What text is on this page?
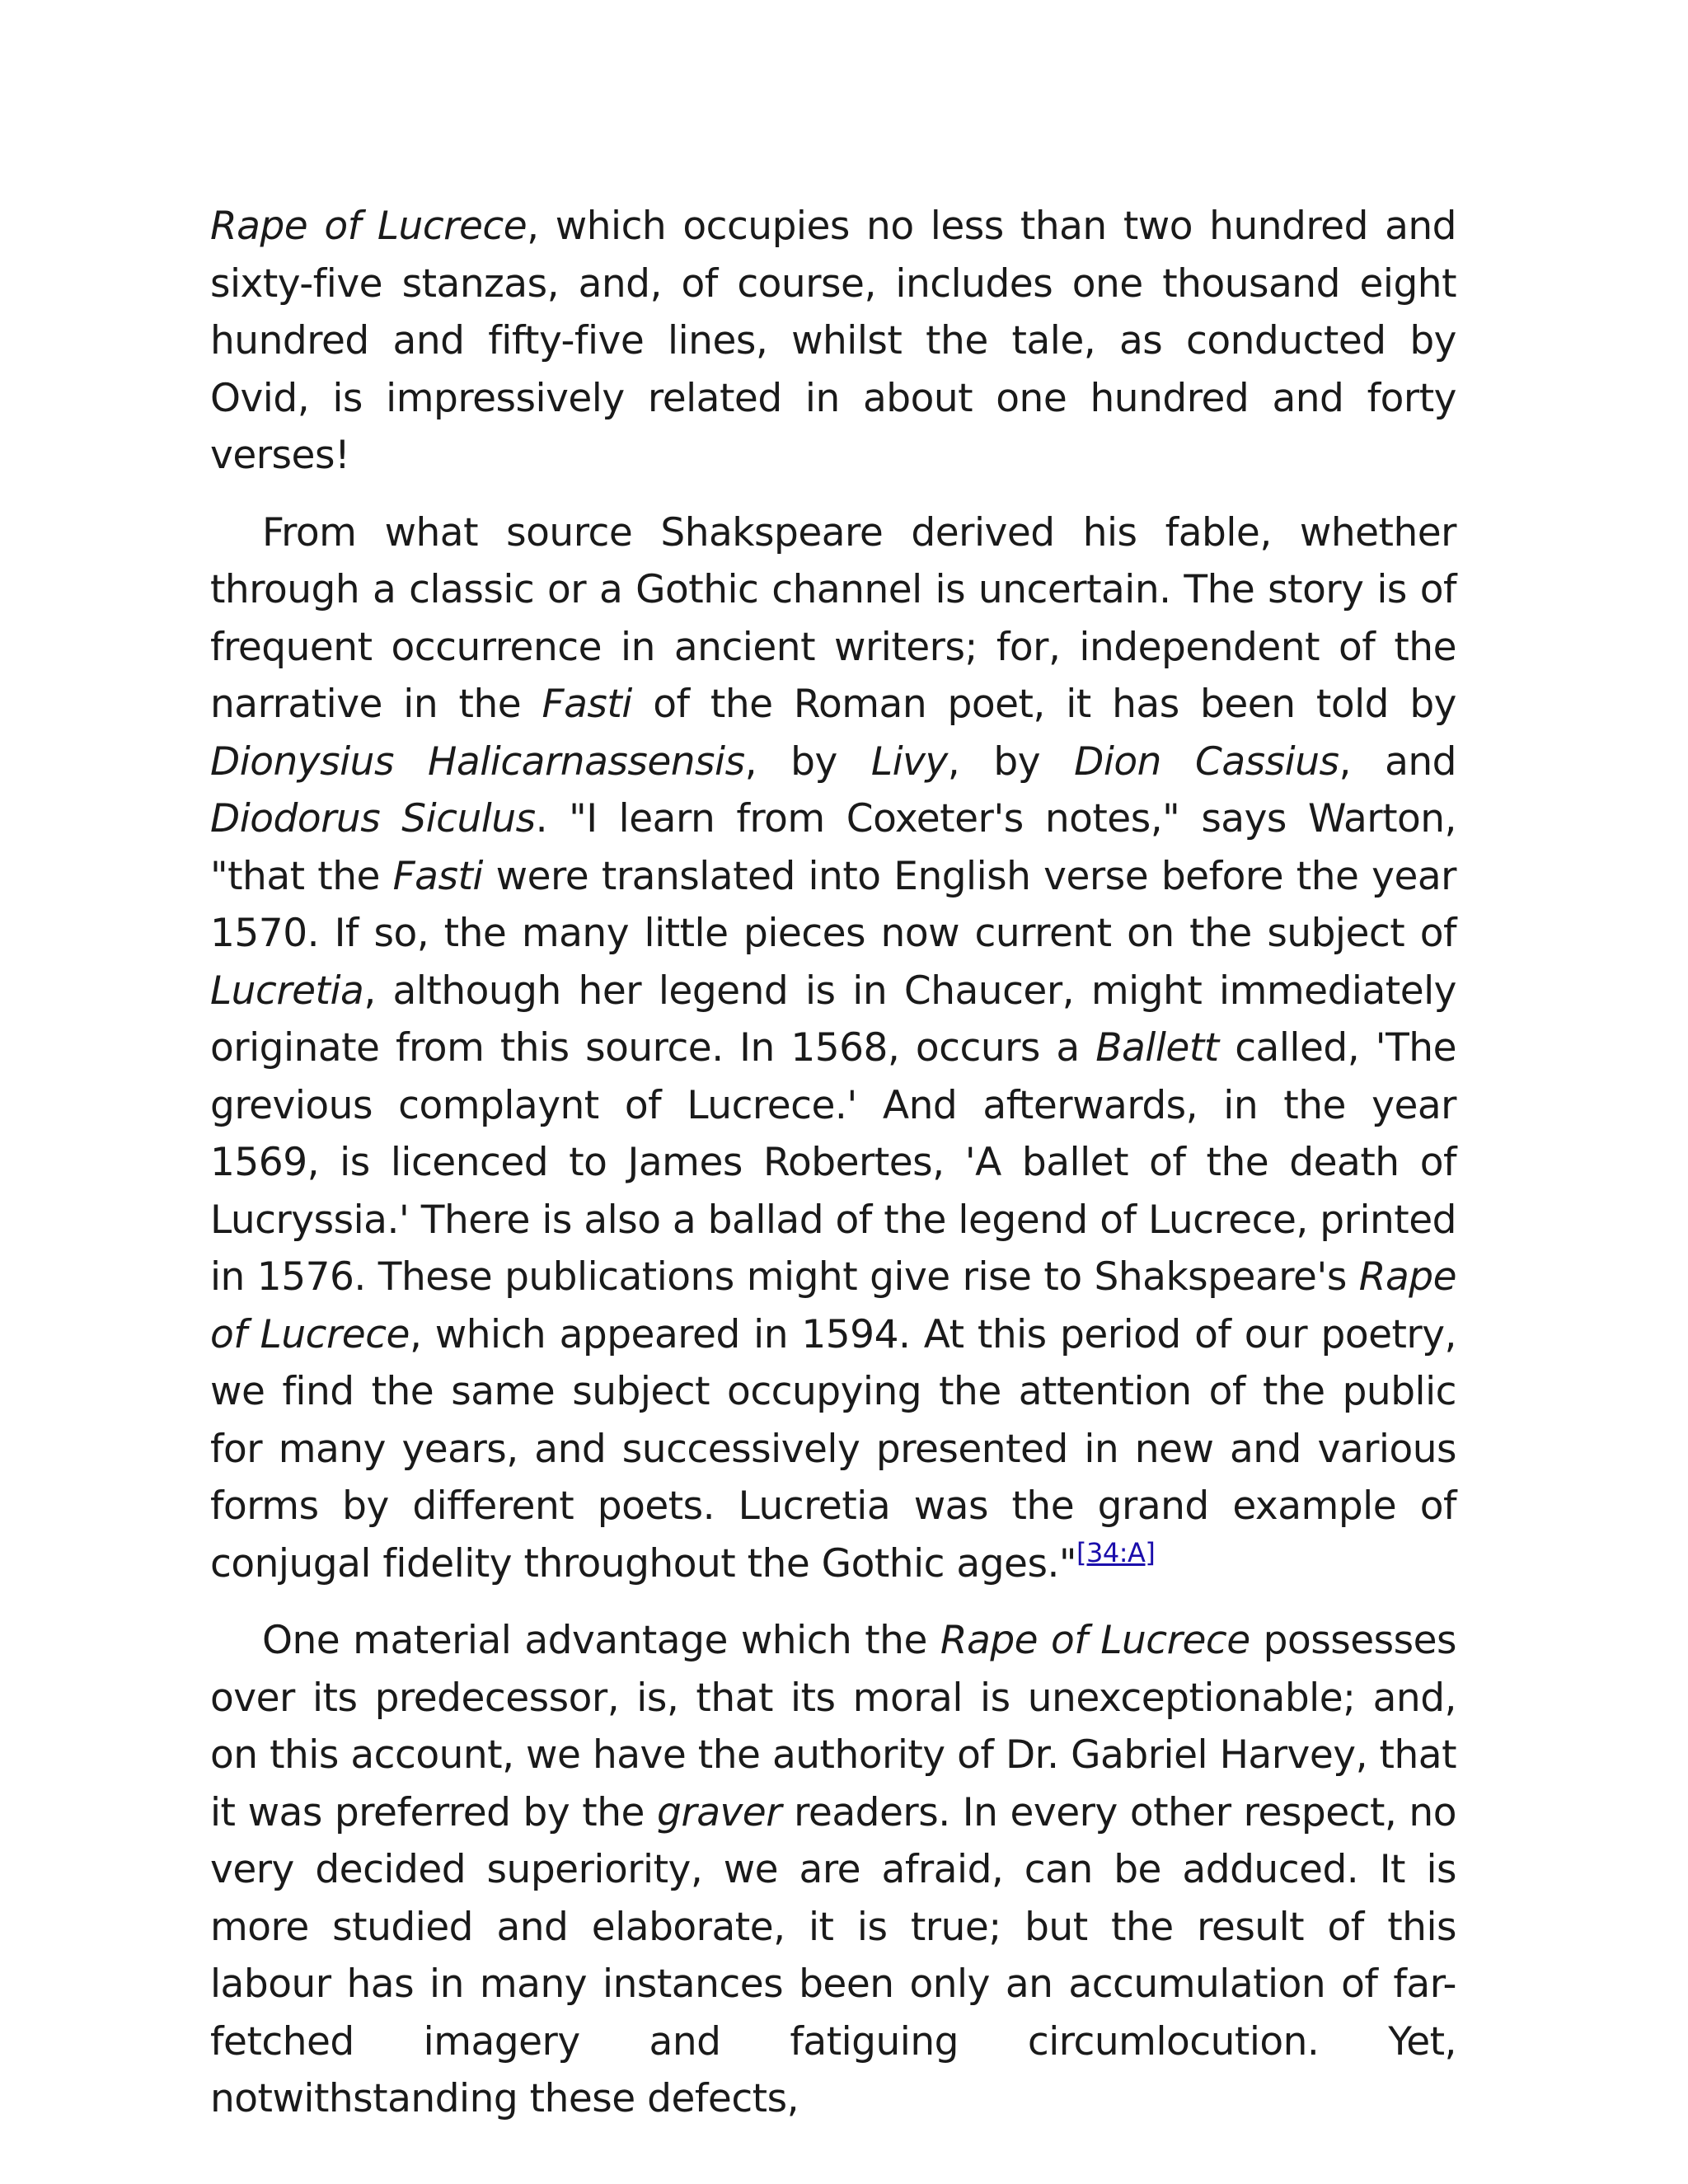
Rape of Lucrece, which occupies no less than two hundred and sixty-five stanzas, and, of course, includes one thousand eight hundred and fifty-five lines, whilst the tale, as conducted by Ovid, is impressively related in about one hundred and forty verses!

From what source Shakspeare derived his fable, whether through a classic or a Gothic channel is uncertain. The story is of frequent occurrence in ancient writers; for, independent of the narrative in the Fasti of the Roman poet, it has been told by Dionysius Halicarnassensis, by Livy, by Dion Cassius, and Diodorus Siculus. "I learn from Coxeter's notes," says Warton, "that the Fasti were translated into English verse before the year 1570. If so, the many little pieces now current on the subject of Lucretia, although her legend is in Chaucer, might immediately originate from this source. In 1568, occurs a Ballett called, 'The grevious complaynt of Lucrece.' And afterwards, in the year 1569, is licenced to James Robertes, 'A ballet of the death of Lucryssia.' There is also a ballad of the legend of Lucrece, printed in 1576. These publications might give rise to Shakspeare's Rape of Lucrece, which appeared in 1594. At this period of our poetry, we find the same subject occupying the attention of the public for many years, and successively presented in new and various forms by different poets. Lucretia was the grand example of conjugal fidelity throughout the Gothic ages."[34:A]

One material advantage which the Rape of Lucrece possesses over its predecessor, is, that its moral is unexceptionable; and, on this account, we have the authority of Dr. Gabriel Harvey, that it was preferred by the graver readers. In every other respect, no very decided superiority, we are afraid, can be adduced. It is more studied and elaborate, it is true; but the result of this labour has in many instances been only an accumulation of far-fetched imagery and fatiguing circumlocution. Yet, notwithstanding these defects,
